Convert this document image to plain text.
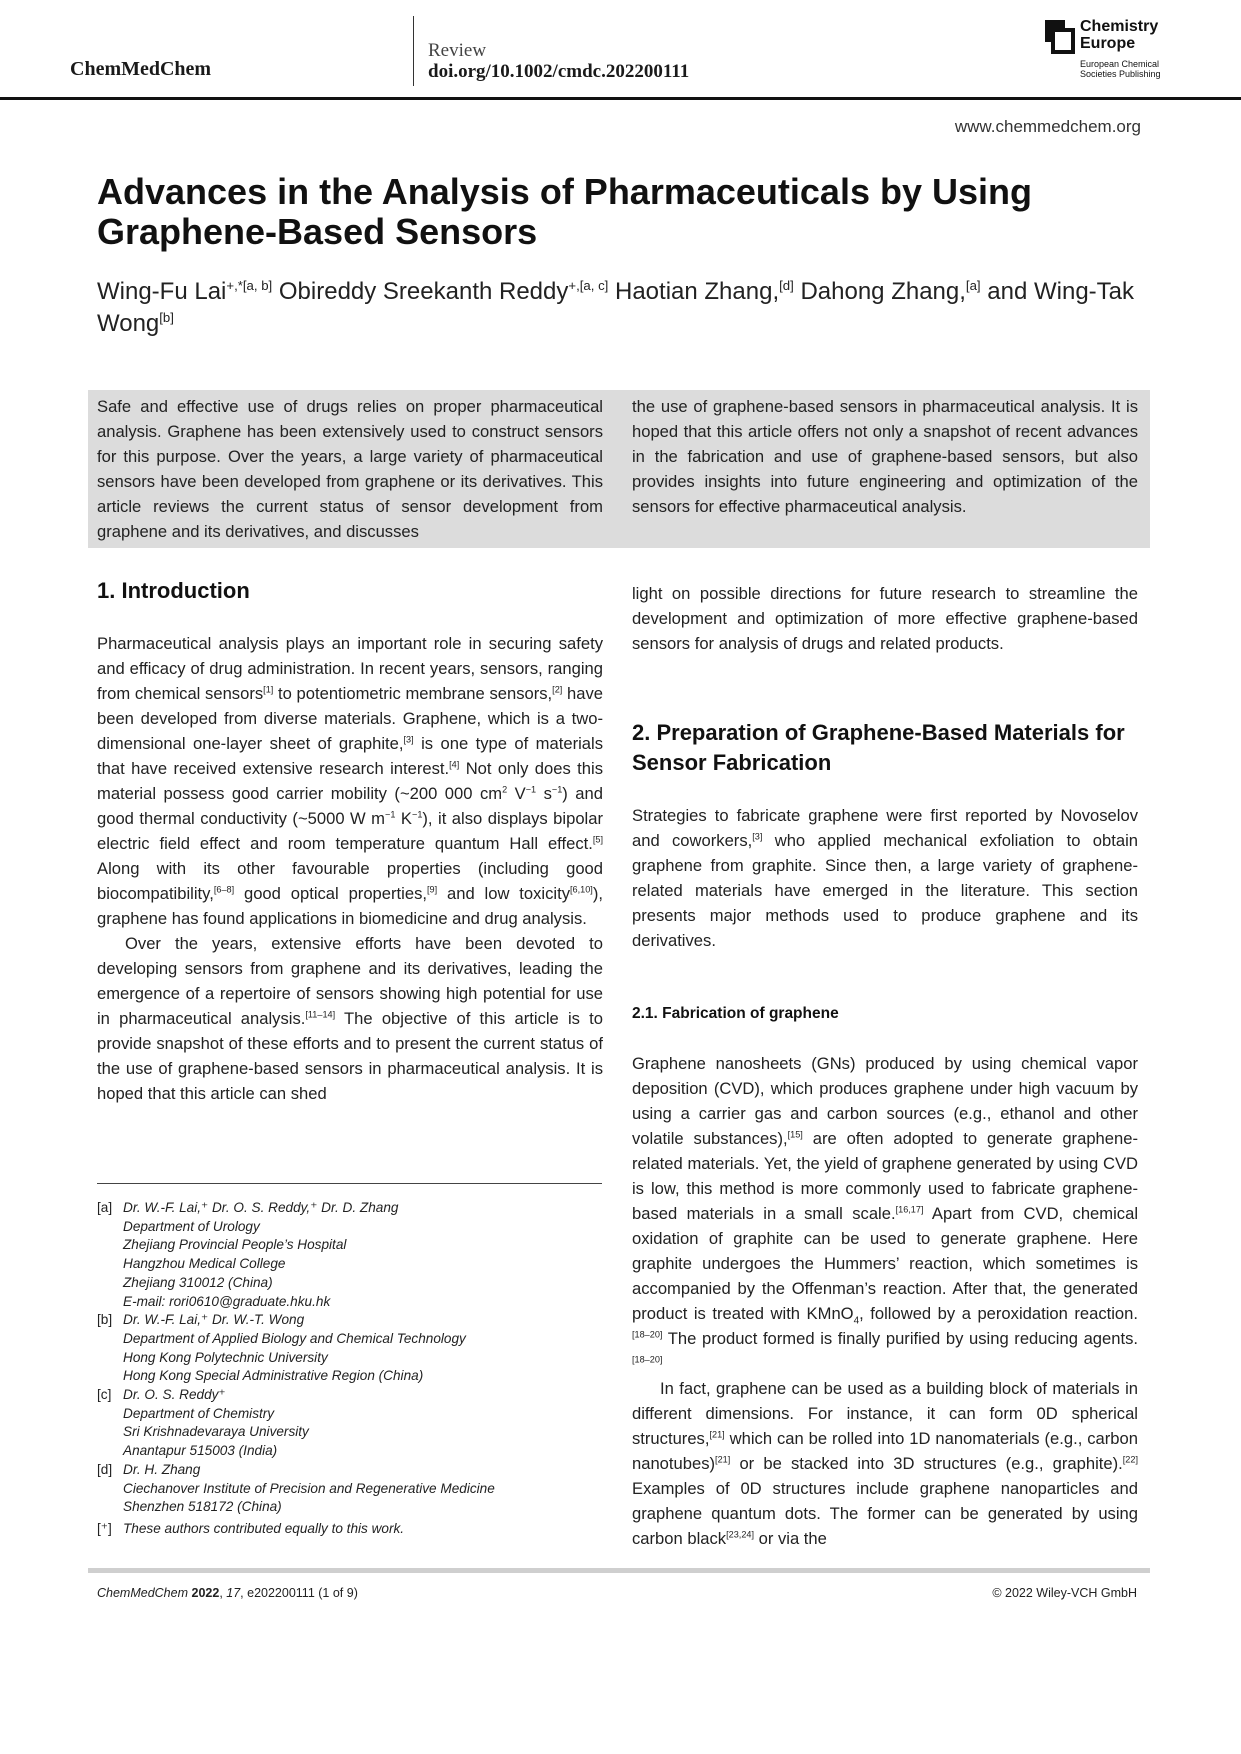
ChemMedChem
Review
doi.org/10.1002/cmdc.202200111
Chemistry
Europe
European Chemical
Societies Publishing
www.chemmedchem.org
Advances in the Analysis of Pharmaceuticals by Using Graphene-Based Sensors
Wing-Fu Lai$^{+,*[a, b]}$ Obireddy Sreekanth Reddy$^{+,[a, c]}$ Haotian Zhang,[d] Dahong Zhang,[a] and Wing-Tak Wong[b]
Safe and effective use of drugs relies on proper pharmaceutical analysis. Graphene has been extensively used to construct sensors for this purpose. Over the years, a large variety of pharmaceutical sensors have been developed from graphene or its derivatives. This article reviews the current status of sensor development from graphene and its derivatives, and discusses
the use of graphene-based sensors in pharmaceutical analysis. It is hoped that this article offers not only a snapshot of recent advances in the fabrication and use of graphene-based sensors, but also provides insights into future engineering and optimization of the sensors for effective pharmaceutical analysis.
1. Introduction

Pharmaceutical analysis plays an important role in securing safety and efficacy of drug administration. In recent years, sensors, ranging from chemical sensors[1] to potentiometric membrane sensors,[2] have been developed from diverse materials. Graphene, which is a two-dimensional one-layer sheet of graphite,[3] is one type of materials that have received extensive research interest.[4] Not only does this material possess good carrier mobility (~200 000 $cm^2$ $V^{-1}$ $s^{-1}$) and good thermal conductivity (~5000 W $m^{-1}$ $K^{-1}$), it also displays bipolar electric field effect and room temperature quantum Hall effect.[5] Along with its other favourable properties (including good biocompatibility,[6–8] good optical properties,[9] and low toxicity[6,10]), graphene has found applications in biomedicine and drug analysis.

Over the years, extensive efforts have been devoted to developing sensors from graphene and its derivatives, leading the emergence of a repertoire of sensors showing high potential for use in pharmaceutical analysis.[11–14] The objective of this article is to provide snapshot of these efforts and to present the current status of the use of graphene-based sensors in pharmaceutical analysis. It is hoped that this article can shed

light on possible directions for future research to streamline the development and optimization of more effective graphene-based sensors for analysis of drugs and related products.

2. Preparation of Graphene-Based Materials for Sensor Fabrication

Strategies to fabricate graphene were first reported by Novoselov and coworkers,[3] who applied mechanical exfoliation to obtain graphene from graphite. Since then, a large variety of graphene-related materials have emerged in the literature. This section presents major methods used to produce graphene and its derivatives.

2.1. Fabrication of graphene

Graphene nanosheets (GNs) produced by using chemical vapor deposition (CVD), which produces graphene under high vacuum by using a carrier gas and carbon sources (e.g., ethanol and other volatile substances),[15] are often adopted to generate graphene-related materials. Yet, the yield of graphene generated by using CVD is low, this method is more commonly used to fabricate graphene-based materials in a small scale.[16,17] Apart from CVD, chemical oxidation of graphite can be used to generate graphene. Here graphite undergoes the Hummers’ reaction, which sometimes is accompanied by the Offenman’s reaction. After that, the generated product is treated with KMnO$_4$, followed by a peroxidation reaction.[18–20] The product formed is finally purified by using reducing agents.[18–20]

In fact, graphene can be used as a building block of materials in different dimensions. For instance, it can form 0D spherical structures,[21] which can be rolled into 1D nanomaterials (e.g., carbon nanotubes)[21] or be stacked into 3D structures (e.g., graphite).[22] Examples of 0D structures include graphene nanoparticles and graphene quantum dots. The former can be generated by using carbon black[23,24] or via the

[a] Dr. W.-F. Lai,⁺ Dr. O. S. Reddy,⁺ Dr. D. Zhang
Department of Urology
Zhejiang Provincial People’s Hospital
Hangzhou Medical College
Zhejiang 310012 (China)
E-mail: rori0610@graduate.hku.hk
[b] Dr. W.-F. Lai,⁺ Dr. W.-T. Wong
Department of Applied Biology and Chemical Technology
Hong Kong Polytechnic University
Hong Kong Special Administrative Region (China)
[c] Dr. O. S. Reddy⁺
Department of Chemistry
Sri Krishnadevaraya University
Anantapur 515003 (India)
[d] Dr. H. Zhang
Ciechanover Institute of Precision and Regenerative Medicine
Shenzhen 518172 (China)
[⁺] These authors contributed equally to this work.
ChemMedChem 2022, 17, e202200111 (1 of 9)	© 2022 Wiley-VCH GmbH
